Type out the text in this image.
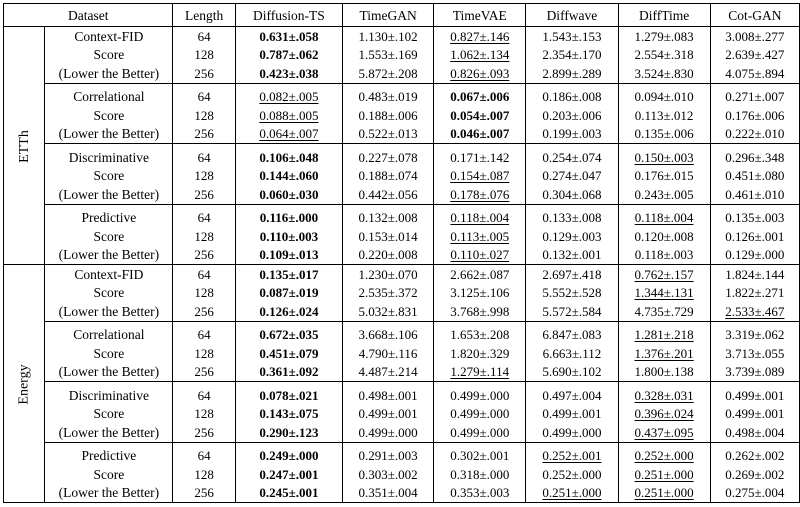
Dataset		Length	Diffusion-TS	TimeGAN	TimeVAE	Diffwave	DiffTime	Cot-GAN
ETTh	Context-FID	64	0.631±.058	1.130±.102	0.827±.146	1.543±.153	1.279±.083	3.008±.277
	Score	128	0.787±.062	1.553±.169	1.062±.134	2.354±.170	2.554±.318	2.639±.427
	(Lower the Better)	256	0.423±.038	5.872±.208	0.826±.093	2.899±.289	3.524±.830	4.075±.894

	Correlational	64	0.082±.005	0.483±.019	0.067±.006	0.186±.008	0.094±.010	0.271±.007
	Score	128	0.088±.005	0.188±.006	0.054±.007	0.203±.006	0.113±.012	0.176±.006
	(Lower the Better)	256	0.064±.007	0.522±.013	0.046±.007	0.199±.003	0.135±.006	0.222±.010

	Discriminative	64	0.106±.048	0.227±.078	0.171±.142	0.254±.074	0.150±.003	0.296±.348
	Score	128	0.144±.060	0.188±.074	0.154±.087	0.274±.047	0.176±.015	0.451±.080
	(Lower the Better)	256	0.060±.030	0.442±.056	0.178±.076	0.304±.068	0.243±.005	0.461±.010

	Predictive	64	0.116±.000	0.132±.008	0.118±.004	0.133±.008	0.118±.004	0.135±.003
	Score	128	0.110±.003	0.153±.014	0.113±.005	0.129±.003	0.120±.008	0.126±.001
	(Lower the Better)	256	0.109±.013	0.220±.008	0.110±.027	0.132±.001	0.118±.003	0.129±.000
Energy	Context-FID	64	0.135±.017	1.230±.070	2.662±.087	2.697±.418	0.762±.157	1.824±.144
	Score	128	0.087±.019	2.535±.372	3.125±.106	5.552±.528	1.344±.131	1.822±.271
	(Lower the Better)	256	0.126±.024	5.032±.831	3.768±.998	5.572±.584	4.735±.729	2.533±.467

	Correlational	64	0.672±.035	3.668±.106	1.653±.208	6.847±.083	1.281±.218	3.319±.062
	Score	128	0.451±.079	4.790±.116	1.820±.329	6.663±.112	1.376±.201	3.713±.055
	(Lower the Better)	256	0.361±.092	4.487±.214	1.279±.114	5.690±.102	1.800±.138	3.739±.089

	Discriminative	64	0.078±.021	0.498±.001	0.499±.000	0.497±.004	0.328±.031	0.499±.001
	Score	128	0.143±.075	0.499±.001	0.499±.000	0.499±.001	0.396±.024	0.499±.001
	(Lower the Better)	256	0.290±.123	0.499±.000	0.499±.000	0.499±.000	0.437±.095	0.498±.004

	Predictive	64	0.249±.000	0.291±.003	0.302±.001	0.252±.001	0.252±.000	0.262±.002
	Score	128	0.247±.001	0.303±.002	0.318±.000	0.252±.000	0.251±.000	0.269±.002
	(Lower the Better)	256	0.245±.001	0.351±.004	0.353±.003	0.251±.000	0.251±.000	0.275±.004
